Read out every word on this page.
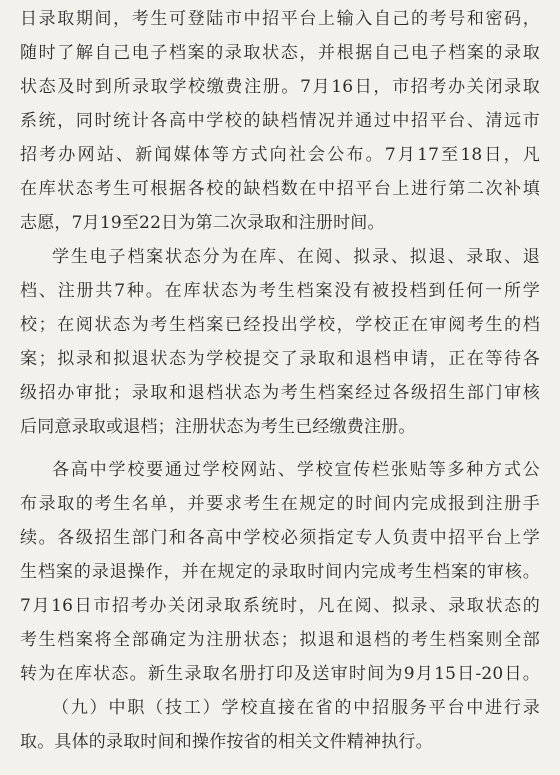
日录取期间，考生可登陆市中招平台上输入自己的考号和密码，
随时了解自己电子档案的录取状态，并根据自己电子档案的录取
状态及时到所录取学校缴费注册。7月16日，市招考办关闭录取
系统，同时统计各高中学校的缺档情况并通过中招平台、清远市
招考办网站、新闻媒体等方式向社会公布。7月17至18日，凡
在库状态考生可根据各校的缺档数在中招平台上进行第二次补填
志愿，7月19至22日为第二次录取和注册时间。
学生电子档案状态分为在库、在阅、拟录、拟退、录取、退
档、注册共7种。在库状态为考生档案没有被投档到任何一所学
校；在阅状态为考生档案已经投出学校，学校正在审阅考生的档
案；拟录和拟退状态为学校提交了录取和退档申请，正在等待各
级招办审批；录取和退档状态为考生档案经过各级招生部门审核
后同意录取或退档；注册状态为考生已经缴费注册。
各高中学校要通过学校网站、学校宣传栏张贴等多种方式公
布录取的考生名单，并要求考生在规定的时间内完成报到注册手
续。各级招生部门和各高中学校必须指定专人负责中招平台上学
生档案的录退操作，并在规定的录取时间内完成考生档案的审核。
7月16日市招考办关闭录取系统时，凡在阅、拟录、录取状态的
考生档案将全部确定为注册状态；拟退和退档的考生档案则全部
转为在库状态。新生录取名册打印及送审时间为9月15日-20日。
（九）中职（技工）学校直接在省的中招服务平台中进行录
取。具体的录取时间和操作按省的相关文件精神执行。
